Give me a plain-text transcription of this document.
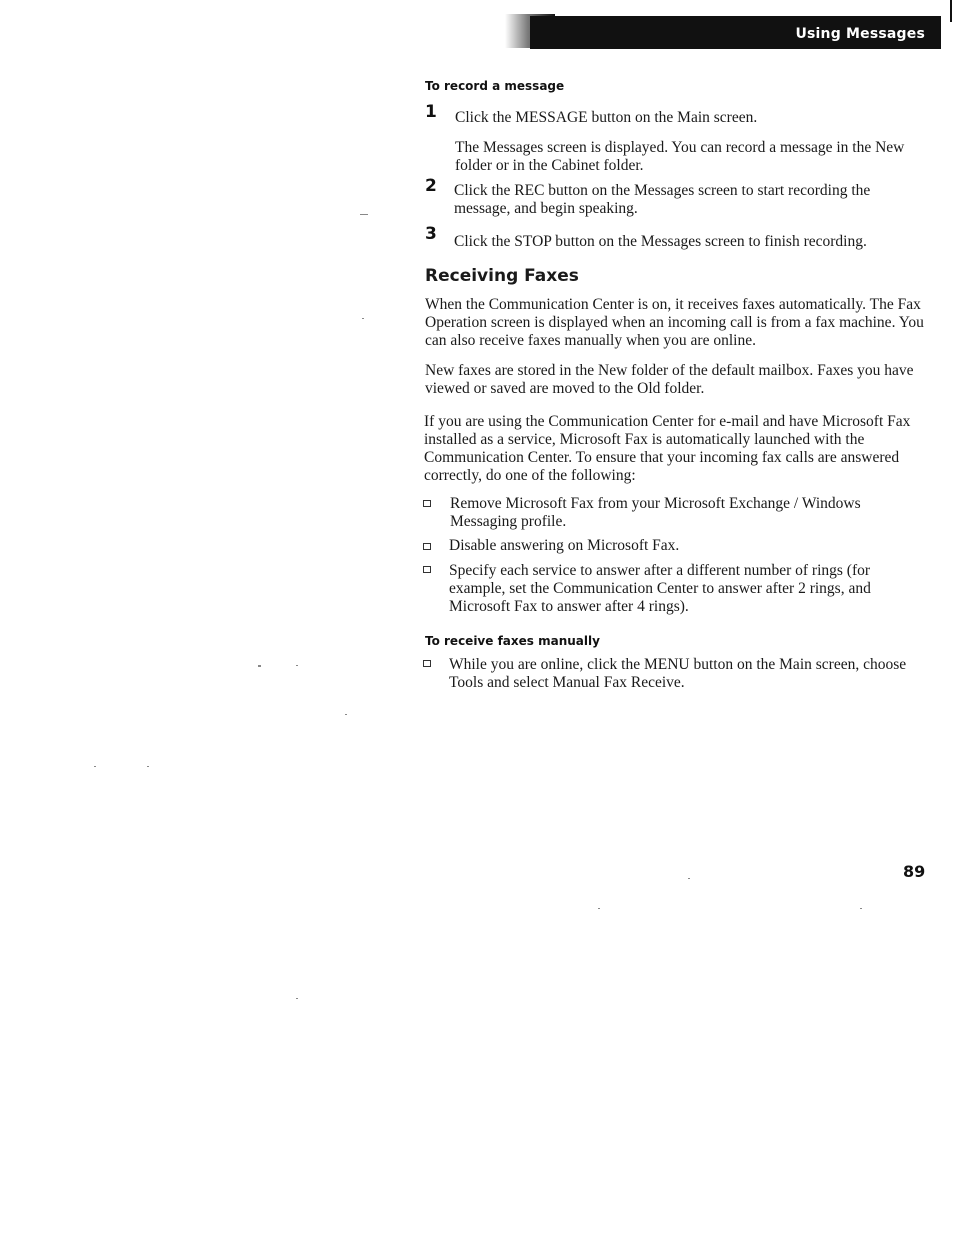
Using Messages
To record a message
1 Click the MESSAGE button on the Main screen.

The Messages screen is displayed. You can record a message in the New folder or in the Cabinet folder.

2 Click the REC button on the Messages screen to start recording the message, and begin speaking.

3 Click the STOP button on the Messages screen to finish recording.

Receiving Faxes

When the Communication Center is on, it receives faxes automatically. The Fax Operation screen is displayed when an incoming call is from a fax machine. You can also receive faxes manually when you are online.

New faxes are stored in the New folder of the default mailbox. Faxes you have viewed or saved are moved to the Old folder.

If you are using the Communication Center for e-mail and have Microsoft Fax installed as a service, Microsoft Fax is automatically launched with the Communication Center. To ensure that your incoming fax calls are answered correctly, do one of the following:

Remove Microsoft Fax from your Microsoft Exchange / Windows Messaging profile.

Disable answering on Microsoft Fax.

Specify each service to answer after a different number of rings (for example, set the Communication Center to answer after 2 rings, and Microsoft Fax to answer after 4 rings).

To receive faxes manually

While you are online, click the MENU button on the Main screen, choose Tools and select Manual Fax Receive.

89
